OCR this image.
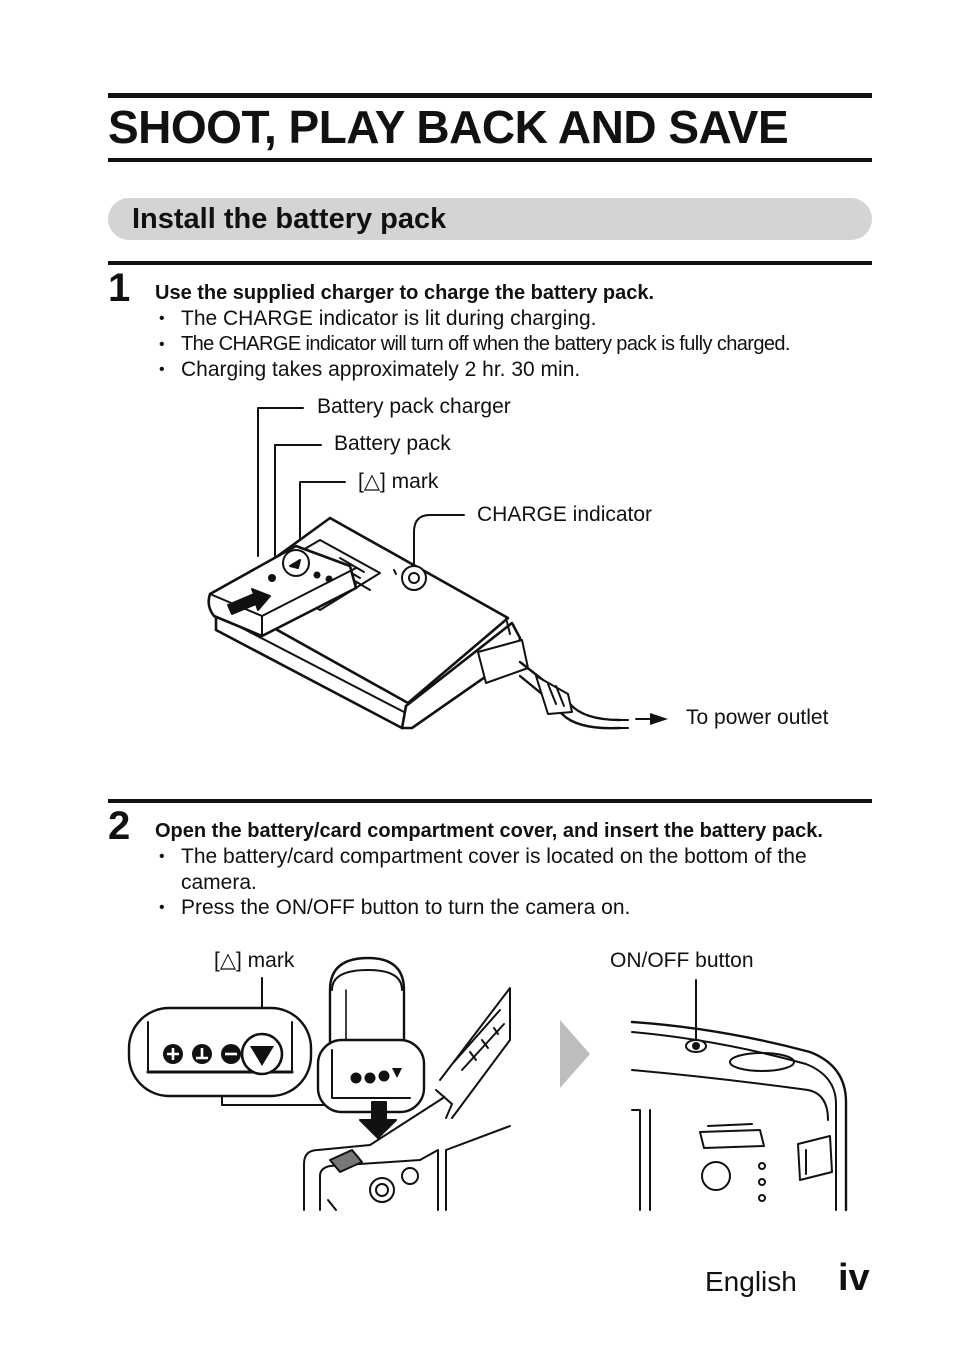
SHOOT, PLAY BACK AND SAVE
Install the battery pack
1 Use the supplied charger to charge the battery pack.
• The CHARGE indicator is lit during charging.
• The CHARGE indicator will turn off when the battery pack is fully charged.
• Charging takes approximately 2 hr. 30 min.
Battery pack charger
Battery pack
[△] mark
CHARGE indicator
To power outlet
2 Open the battery/card compartment cover, and insert the battery pack.
• The battery/card compartment cover is located on the bottom of the camera.
• Press the ON/OFF button to turn the camera on.
[△] mark	ON/OFF button
English iv
